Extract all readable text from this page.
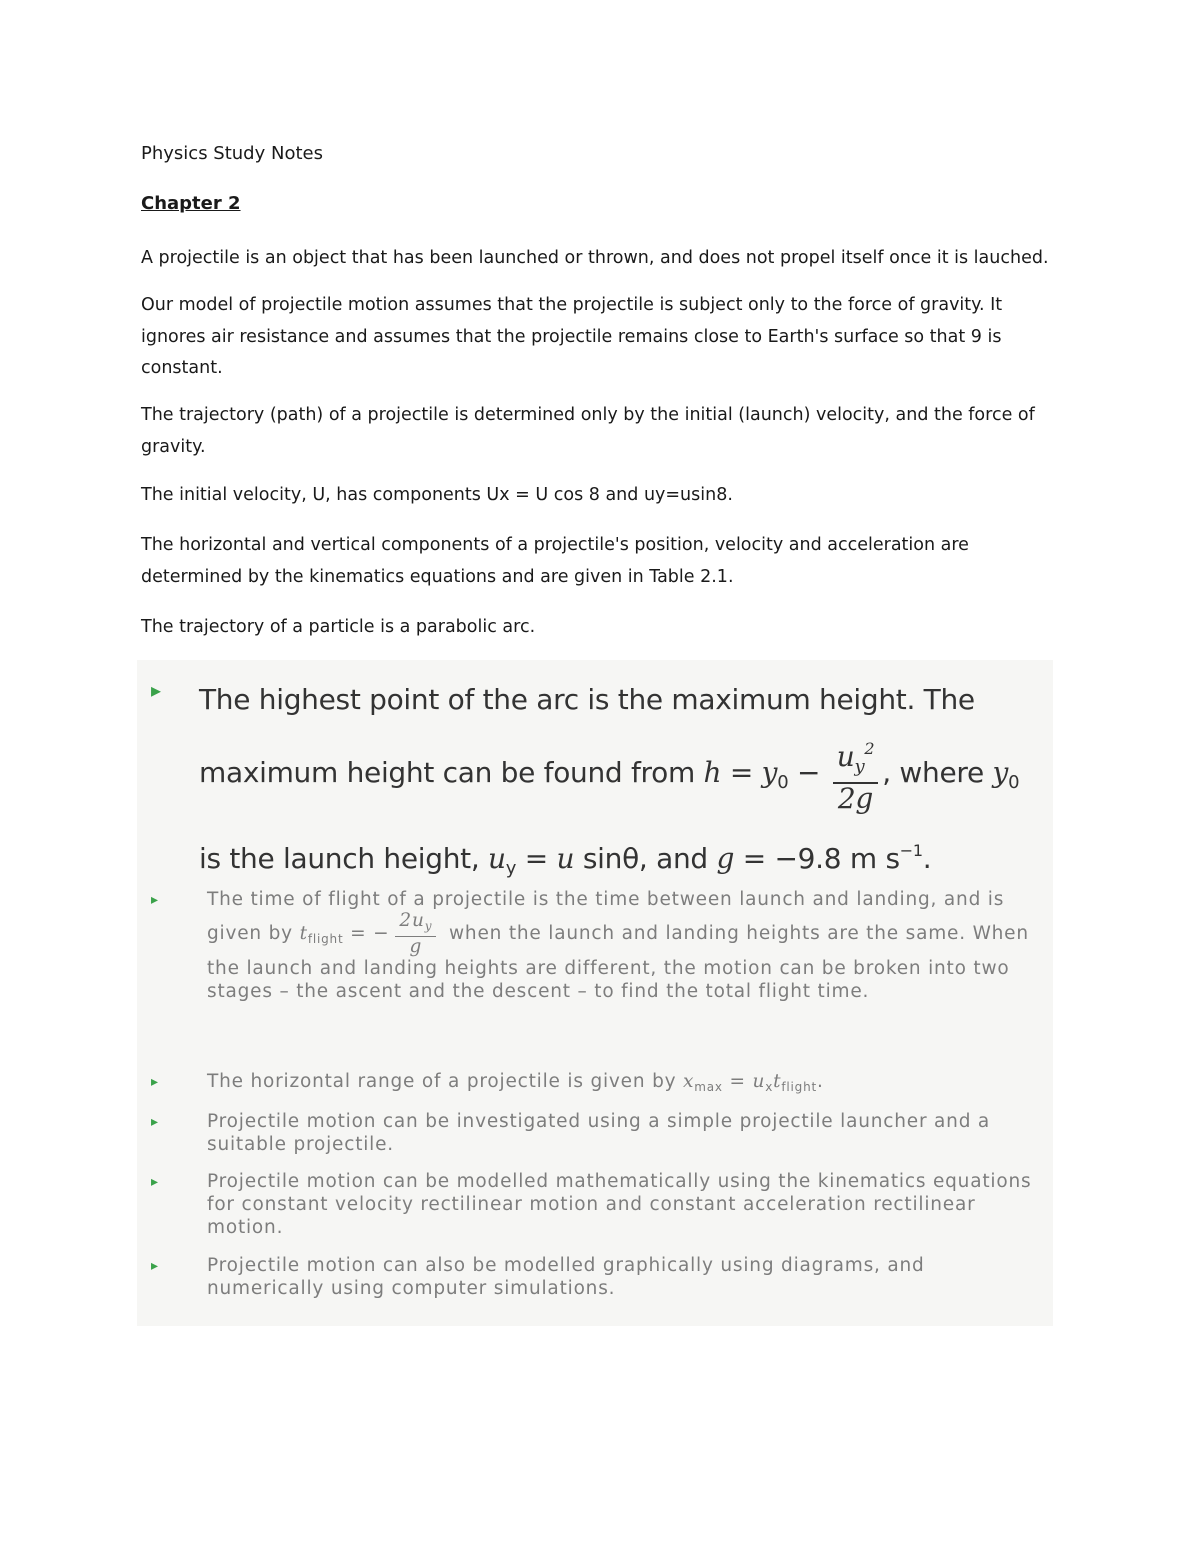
Physics Study Notes
Chapter 2
A projectile is an object that has been launched or thrown, and does not propel itself once it is lauched.
Our model of projectile motion assumes that the projectile is subject only to the force of gravity. It ignores air resistance and assumes that the projectile remains close to Earth's surface so that 9 is constant.
The trajectory (path) of a projectile is determined only by the initial (launch) velocity, and the force of gravity.
The initial velocity, U, has components Ux = U cos 8 and uy=usin8.
The horizontal and vertical components of a projectile's position, velocity and acceleration are determined by the kinematics equations and are given in Table 2.1.
The trajectory of a particle is a parabolic arc.
▸ The highest point of the arc is the maximum height. The
maximum height can be found from $h = y_0 - \frac{u_y^2}{2g}$ , where $y_0$
is the launch height, $u_y = u$ sinθ, and g = −9.8 m $s^{-1}$.
▸	The time of flight of a projectile is the time between launch and landing, and is given by $t_{flight}$ = − $\frac{2u_y}{g}$ when the launch and landing heights are the same. When the launch and landing heights are different, the motion can be broken into two stages – the ascent and the descent – to find the total flight time.
▸	The horizontal range of a projectile is given by $x_{max} = u_xt_{flight}$.
▸	Projectile motion can be investigated using a simple projectile launcher and a suitable projectile.
▸	Projectile motion can be modelled mathematically using the kinematics equations for constant velocity rectilinear motion and constant acceleration rectilinear motion.
▸	Projectile motion can also be modelled graphically using diagrams, and numerically using computer simulations.
